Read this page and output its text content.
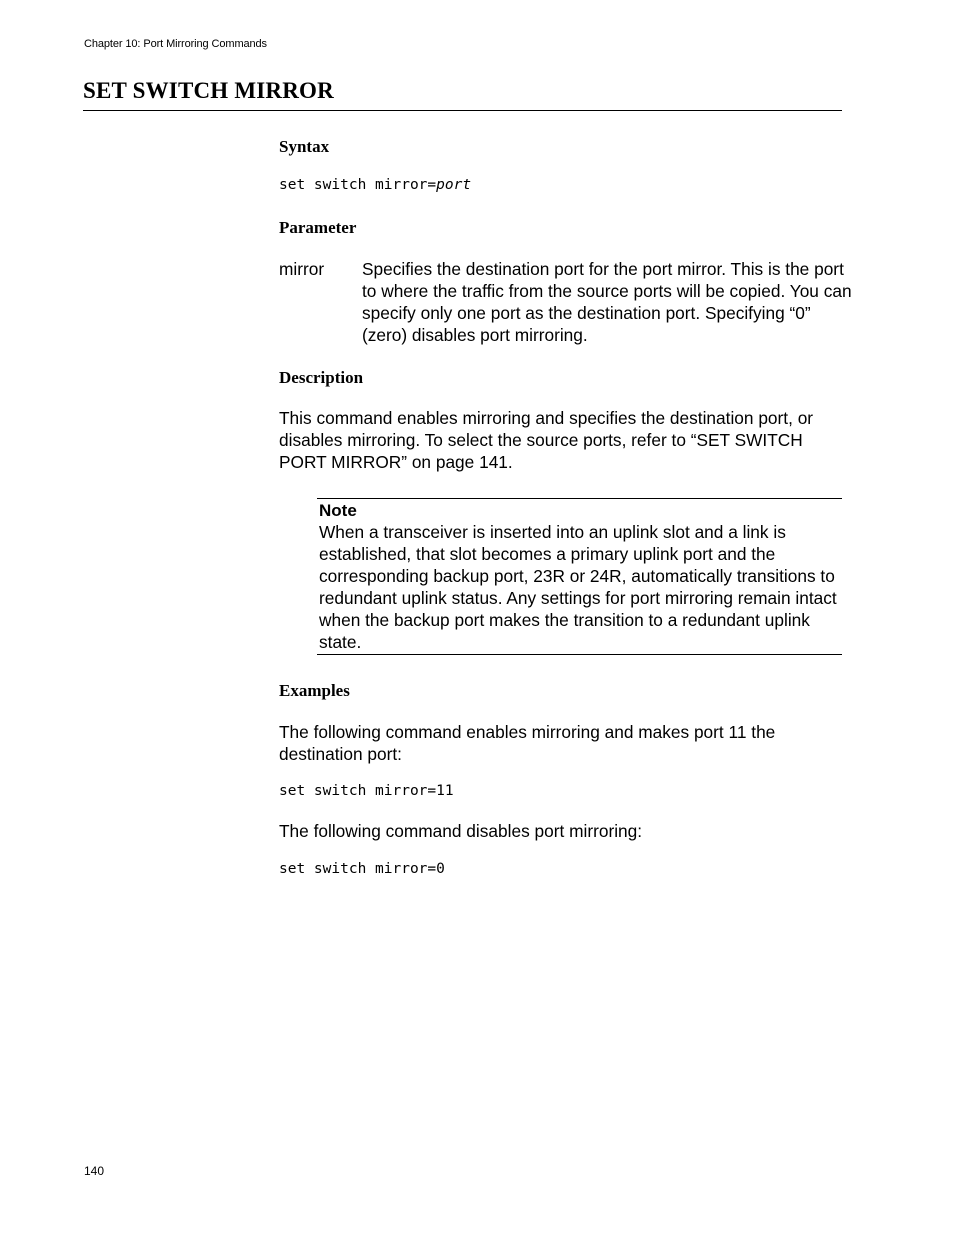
Chapter 10: Port Mirroring Commands
SET SWITCH MIRROR
Syntax
set switch mirror=port
Parameter
mirror Specifies the destination port for the port mirror. This is the port to where the traffic from the source ports will be copied. You can specify only one port as the destination port. Specifying “0” (zero) disables port mirroring.

Description

This command enables mirroring and specifies the destination port, or disables mirroring. To select the source ports, refer to “SET SWITCH PORT MIRROR” on page 141.

Note

When a transceiver is inserted into an uplink slot and a link is established, that slot becomes a primary uplink port and the corresponding backup port, 23R or 24R, automatically transitions to redundant uplink status. Any settings for port mirroring remain intact when the backup port makes the transition to a redundant uplink state.

Examples

The following command enables mirroring and makes port 11 the destination port:

set switch mirror=11

The following command disables port mirroring:

set switch mirror=0
140
